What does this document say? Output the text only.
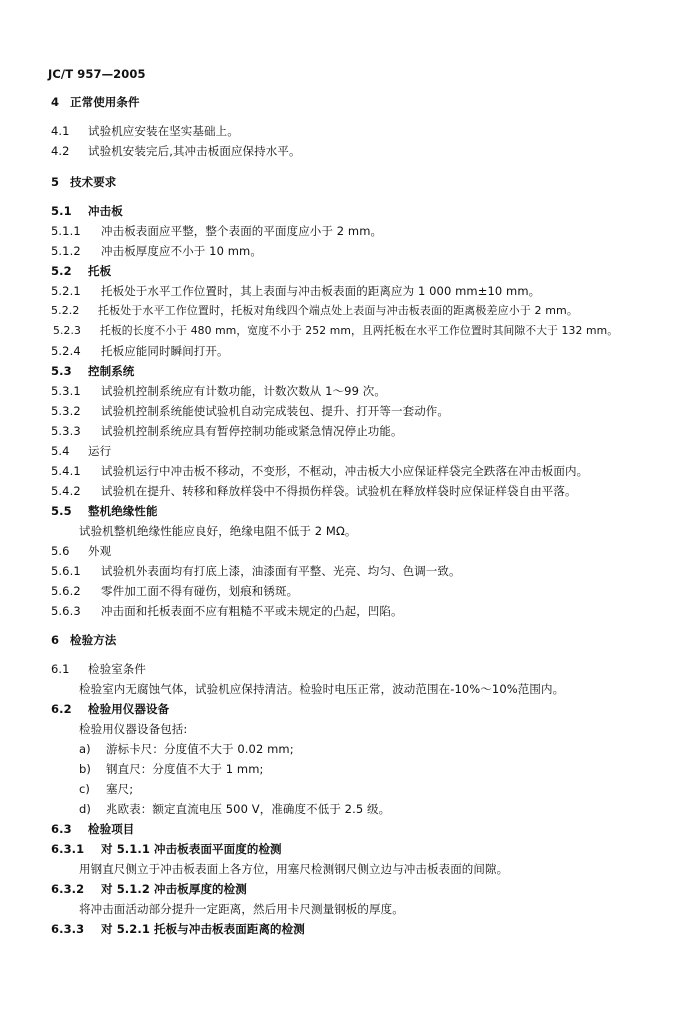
JC/T 957—2005
4 正常使用条件
4.1 试验机应安装在坚实基础上。
4.2 试验机安装完后,其冲击板面应保持水平。
5 技术要求
5.1 冲击板
5.1.1 冲击板表面应平整，整个表面的平面度应小于 2 mm。
5.1.2 冲击板厚度应不小于 10 mm。
5.2 托板
5.2.1 托板处于水平工作位置时，其上表面与冲击板表面的距离应为 1 000 mm±10 mm。
5.2.2 托板处于水平工作位置时，托板对角线四个端点处上表面与冲击板表面的距离极差应小于 2 mm。
5.2.3 托板的长度不小于 480 mm，宽度不小于 252 mm，且两托板在水平工作位置时其间隙不大于 132 mm。
5.2.4 托板应能同时瞬间打开。
5.3 控制系统
5.3.1 试验机控制系统应有计数功能，计数次数从 1～99 次。
5.3.2 试验机控制系统能使试验机自动完成装包、提升、打开等一套动作。
5.3.3 试验机控制系统应具有暂停控制功能或紧急情况停止功能。
5.4 运行
5.4.1 试验机运行中冲击板不移动，不变形，不框动，冲击板大小应保证样袋完全跌落在冲击板面内。
5.4.2 试验机在提升、转移和释放样袋中不得损伤样袋。试验机在释放样袋时应保证样袋自由平落。
5.5 整机绝缘性能
试验机整机绝缘性能应良好，绝缘电阻不低于 2 MΩ。
5.6 外观
5.6.1 试验机外表面均有打底上漆，油漆面有平整、光亮、均匀、色调一致。
5.6.2 零件加工面不得有碰伤，划痕和锈斑。
5.6.3 冲击面和托板表面不应有粗糙不平或未规定的凸起，凹陷。
6 检验方法
6.1 检验室条件
检验室内无腐蚀气体，试验机应保持清洁。检验时电压正常，波动范围在-10%～10%范围内。
6.2 检验用仪器设备
检验用仪器设备包括:
a) 游标卡尺：分度值不大于 0.02 mm;
b) 钢直尺：分度值不大于 1 mm;
c) 塞尺;
d) 兆欧表：额定直流电压 500 V，准确度不低于 2.5 级。
6.3 检验项目
6.3.1 对 5.1.1 冲击板表面平面度的检测
用钢直尺侧立于冲击板表面上各方位，用塞尺检测钢尺侧立边与冲击板表面的间隙。
6.3.2 对 5.1.2 冲击板厚度的检测
将冲击面活动部分提升一定距离，然后用卡尺测量钢板的厚度。
6.3.3 对 5.2.1 托板与冲击板表面距离的检测
